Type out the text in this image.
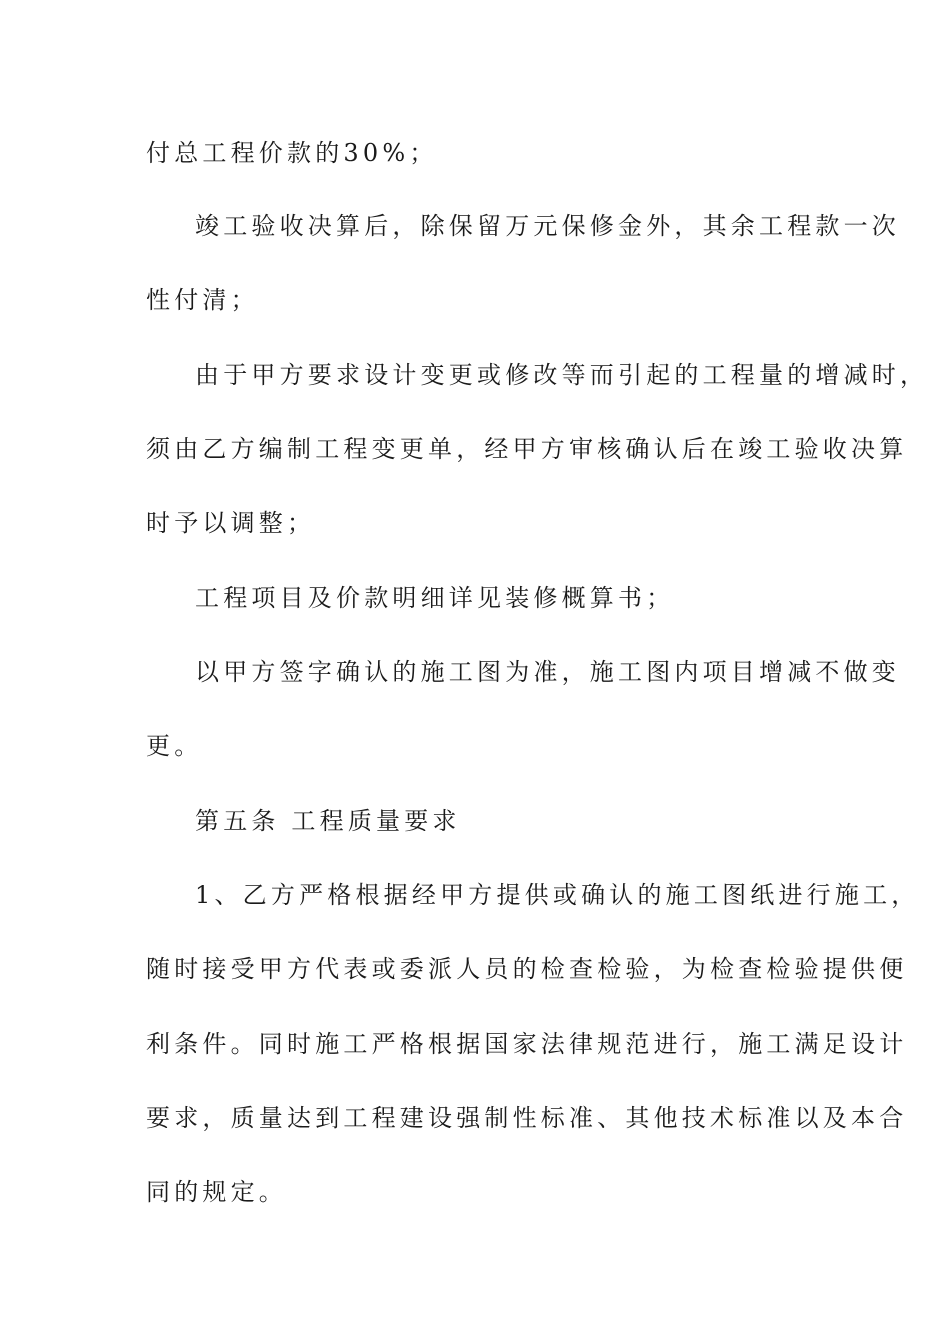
付总工程价款的30%；
竣工验收决算后，除保留万元保修金外，其余工程款一次
性付清；
由于甲方要求设计变更或修改等而引起的工程量的增减时，
须由乙方编制工程变更单，经甲方审核确认后在竣工验收决算
时予以调整；
工程项目及价款明细详见装修概算书；
以甲方签字确认的施工图为准，施工图内项目增减不做变
更。
第五条 工程质量要求
1、乙方严格根据经甲方提供或确认的施工图纸进行施工，
随时接受甲方代表或委派人员的检查检验，为检查检验提供便
利条件。同时施工严格根据国家法律规范进行，施工满足设计
要求，质量达到工程建设强制性标准、其他技术标准以及本合
同的规定。
